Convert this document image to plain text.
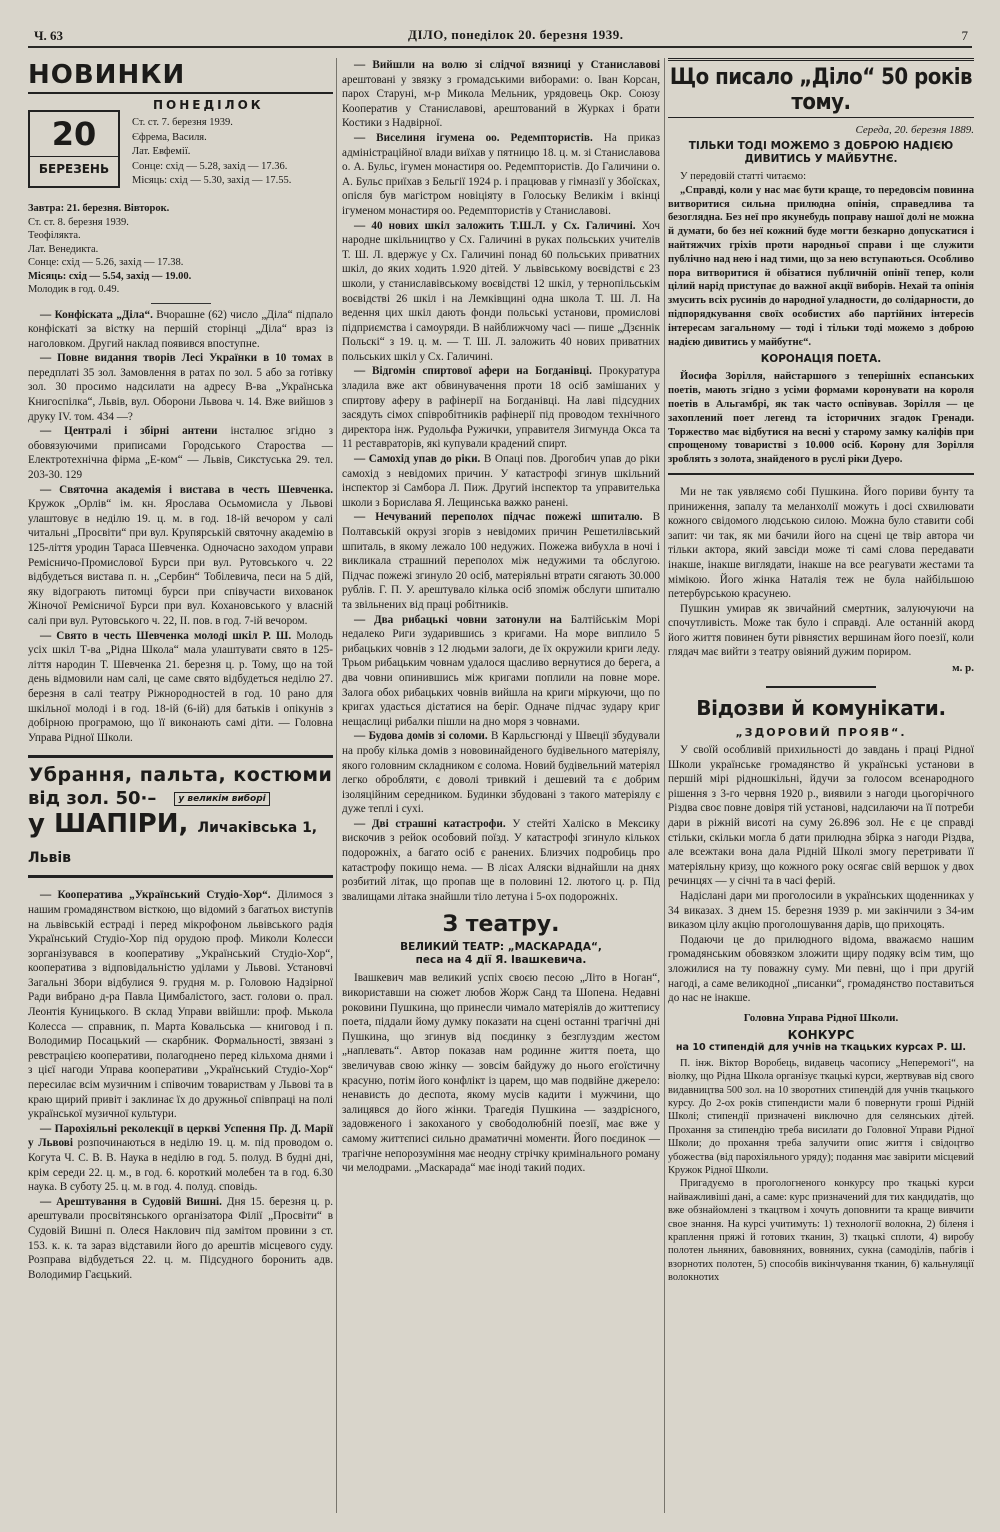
Ч. 63	ДІЛО, понеділок 20. березня 1939.	7
НОВИНКИ
ПОНЕДІЛОК
20
БЕРЕЗЕНЬ
Ст. ст. 7. березня 1939.
Єфрема, Василя.
Лат. Евфемії.
Сонце: схід — 5.28, захід — 17.36.
Місяць: схід — 5.30, захід — 17.55.
Завтра: 21. березня. Вівторок.
Ст. ст. 8. березня 1939.
Теофілякта.
Лат. Венедикта.
Сонце: схід — 5.26, захід — 17.38.
Місяць: схід — 5.54, захід — 19.00.
Молодик в год. 0.49.

— Конфіската „Діла“. Вчорашне (62) число „Діла“ підпало конфіскаті за вістку на першій сторінці „Діла“ враз із наголовком. Другий наклад появився впоступне.

— Повне видання творів Лесі Українки в 10 томах в передплаті 35 зол. Замовлення в ратах по зол. 5 або за готівку зол. 30 просимо надсилати на адресу В-ва „Українська Книгоспілка“, Львів, вул. Оборони Львова ч. 14. Вже вийшов з друку IV. том. 434 —?

— Централі і збірні антени інсталює згідно з обовязуючими приписами Городського Староства — Електротехнічна фірма „Е-ком“ — Львів, Сикстуська 29. тел. 203-30. 129

— Святочна академія і вистава в честь Шевченка. Кружок „Орлів“ ім. кн. Ярослава Осьмомисла у Львові улаштовує в неділю 19. ц. м. в год. 18-ій вечором у салі читальні „Просвіти“ при вул. Крупярській святочну академію в 125-ліття уродин Тараса Шевченка. Одночасно заходом управи Ремісничо-Промислової Бурси при вул. Рутовського ч. 22 відбудеться вистава п. н. „Сербин“ Тобілевича, песи на 5 дій, яку відограють питомці бурси при співучасти вихованок Жіночої Ремісничої Бурси при вул. Кохановського у власній салі при вул. Рутовського ч. 22, II. пов. в год. 7-ій вечором.

— Свято в честь Шевченка молоді шкіл Р. Ш. Молодь усіх шкіл Т-ва „Рідна Школа“ мала улаштувати свято в 125-ліття народин Т. Шевченка 21. березня ц. р. Тому, що на той день відмовили нам салі, це саме свято відбудеться неділю 27. березня в салі театру Ріжнородностей в год. 10 рано для шкільної молоді і в год. 18-ій (6-ій) для батьків і опікунів з добірною програмою, що її виконають самі діти. — Головна Управа Рідної Школи.

Убрання, пальта, костюми
від зол. 50·– у великім виборі
у ШАПІРИ, Личаківська 1, Львів

— Кооператива „Український Студіо-Хор“. Ділимося з нашим громадянством вісткою, що відомий з багатьох виступів на львівській естраді і перед мікрофоном львівського радія Український Студіо-Хор під орудою проф. Миколи Колесси зорганізувався в кооперативу „Український Студіо-Хор“, кооператива з відповідальністю удiлами у Львові. Установчі Загальні Збори відбулися 9. грудня м. р. Головою Надзірної Ради вибрано д-ра Павла Цимбалістого, заст. голови о. прал. Леонтія Куницького. В склад Управи ввійшли: проф. Мькола Колесса — справник, п. Марта Ковальська — книговод і п. Володимир Посацький — скарбник. Формальності, звязані з ревстрацією кооперативи, полагоднено перед кільхома днями і з цієї нагоди Управа кооперативи „Український Студіо-Хор“ пересилає всім музичним і співочим товариствам у Львові та в краю щирий привіт і заклинає їх до дружньої співпраці на полі української музичної культури.

— Парохіяльні реколекції в церкві Успення Пр. Д. Марії у Львові розпочинаються в неділю 19. ц. м. під проводом о. Когута Ч. С. В. В. Наука в неділю в год. 5. полуд. В будні дні, крім середи 22. ц. м., в год. 6. короткий молебен та в год. 6.30 наука. В суботу 25. ц. м. в год. 4. полуд. сповідь.

— Арештування в Судовій Вишні. Дня 15. березня ц. р. арештували просвітянського організатора Філії „Просвіти“ в Судовій Вишні п. Олеся Наклович під замітом провини з ст. 153. к. к. та зараз відставили його до арештів місцевого суду. Розправа відбудеться 22. ц. м. Підсудного боронить адв. Володимир Гаєцький.

— Вийшли на волю зі слідчої вязниці у Станиславові арештовані у звязку з громадськими виборами: о. Іван Корсан, парох Старуні, м-р Микола Мельник, урядовець Окр. Союзу Кооператив у Станиславові, арештований в Журках і брати Костики з Надвірної.

— Виселиня ігумена оо. Редемптористів. На приказ адміністраційної влади виїхав у пятницю 18. ц. м. зі Станиславова о. А. Бульс, ігумен монастиря оо. Редемптористів. До Галичини о. А. Бульс приїхав з Бельгії 1924 р. і працював у гімназії у Збоїсках, опісля був магістром новіціяту в Голоську Великім і вкінці ігуменом монастиря оо. Редемптористів у Станиславові.

— 40 нових шкіл заложить Т.Ш.Л. у Сх. Галичині. Хоч народне шкільництво у Сх. Галичині в руках польських учителів Т. Ш. Л. вдержує у Сх. Галичині понад 60 польських приватних шкіл, до яких ходить 1.920 дітей. У львівському воєвідстві є 23 школи, у станиславівському воєвідстві 12 шкіл, у тернопільськім воєвідстві 26 шкіл і на Лемківщині одна школа Т. Ш. Л. На ведення цих шкіл дають фонди польські установи, промислові підприємства і самоуряди. В найближчому часі — пише „Дзєннік Польскі“ з 19. ц. м. — Т. Ш. Л. заложить 40 нових приватних польських шкіл у Сх. Галичині.

— Відгомін спиртової афери на Богданівці. Прокуратура зладила вже акт обвинувачення проти 18 осіб замішаних у спиртову аферу в рафінерії на Богданівці. На лаві підсудних засядуть сімох співробітників рафінерії під проводом технічного директора інж. Рудольфа Ружички, управителя Зигмунда Окса та 11 реставраторів, які купували крадений спирт.

— Самохід упав до ріки. В Опаці пов. Дрогобич упав до ріки самохід з невідомих причин. У катастрофі згинув шкільний інспектор зі Самбора Л. Пиж. Другий інспектор та управителька школи з Борислава Я. Лещинська важко ранені.

— Нечуваний переполох підчас пожежі шпиталю. В Полтавській окрузі згорів з невідомих причин Решетилівський шпиталь, в якому лежало 100 недужих. Пожежа вибухла в ночі і викликала страшний переполох між недужими та обслугою. Підчас пожежі згинуло 20 осіб, матеріяльні втрати сягають 30.000 рублів. Г. П. У. арештувало кілька осіб зпоміж обслуги шпиталю та звільнених від праці робітників.

— Два рибацькі човни затонули на Балтійськім Морі недалеко Риги зударившись з кригами. На море виплило 5 рибацьких човнів з 12 людьми залоги, де їх окружили криги леду. Трьом рибацьким човнам удалося щасливо вернутися до берега, а два човни опинившись між кригами поплили на повне море. Залога обох рибацьких човнів вийшла на криги міркуючи, що по кригах удасться дістатися на беріг. Одначе підчас зудару криг нещаслиці рибалки пішли на дно моря з човнами.

— Будова домів зі соломи. В Карльсгюнді у Швеції збудували на пробу кілька домів з нововинайденого будівельного матеріялу, якого головним складником є солома. Новий будівельний матеріял легко обробляти, є доволі тривкий і дешевий та є добрим ізоляційним середником. Будинки збудовані з такого матеріялу є дуже теплі і сухі.

— Дві страшні катастрофи. У стейті Халіско в Мексику вискочив з рейок особовий поїзд. У катастрофі згинуло кількох подорожніх, а багато осіб є ранених. Близчих подробиць про катастрофу покищо нема. — В лісах Аляски віднайшли на днях розбитий літак, що пропав ще в половині 12. лютого ц. р. Під звалищами літака знайшли тіло летуна і 5-ох подорожніх.

З театру.
ВЕЛИКИЙ ТЕАТР: „МАСКАРАДА“,
песа на 4 дії Я. Івашкевича.

Івашкевич мав великий успіх своєю песою „Літо в Ноган“, використавши на сюжет любов Жорж Санд та Шопена. Недавні роковини Пушкина, що принесли чимало матеріялів до життепису поета, піддали йому думку показати на сцені останні трагічні дні Пушкина, що згинув від поєдинку з безглуздим жестом „наплевать“. Автор показав нам родинне життя поета, що звеличував свою жінку — зовсім байдужу до нього егоїстичну красуню, потім його конфлікт із царем, що мав подвійне джерело: ненависть до деспота, якому мусів кадити і мужчини, що залицявся до його жінки. Трагедія Пушкина — заздрісного, задовженого і закоханого у свободолюбній поезії, має вже у самому життєписі сильно драматичні моменти. Його поєдинок — трагічне непорозуміння має неодну стрічку кримінального роману чи мелодрами. „Маскарада“ має іноді такий подих.

Що писало „Діло“ 50 років тому.
Середа, 20. березня 1889.
ТІЛЬКИ ТОДІ МОЖЕМО З ДОБРОЮ НАДІЄЮ ДИВИТИСЬ У МАЙБУТНЄ.

У передовій статті читаємо:

„Справді, коли у нас має бути краще, то передовсім повинна витворитися сильна прилюдна опінія, справедлива та безоглядна. Без неї про якунебудь поправу нашої долі не можна й думати, бо без неї кожний буде могти безкарно допускатися і найтяжчих гріхів проти народньої справи і ще служити публічно над нею і над тими, що за нею вступаються. Особливо пора витворитися й обізатися публичній опінії тепер, коли цілий нарід приступає до важної акції виборів. Нехай та опінія змусить всіх русинів до народної уладности, до солідарности, до підпорядкування своїх особистих або партійних інтересів інтересам загальному — тоді і тільки тоді можемо з доброю надією дивитись у майбутнє“.

КОРОНАЦІЯ ПОЕТА.

Йосифа Зорілля, найстаршого з теперішніх еспанських поетів, мають згідно з усіми формами коронувати на короля поетів в Альгамбрі, як так часто оспівував. Зорілля — це захоплений поет легенд та історичних згадок Гренади. Торжество має відбутися на весні у старому замку каліфів при спрощеному товаристві з 10.000 осіб. Корону для Зорілля зроблять з золота, знайденого в руслі ріки Дуеро.

Ми не так уявляємо собі Пушкина. Його пориви бунту та приниження, запалу та меланхолії можуть і досі схвилювати кожного свідомого людською силою. Можна було ставити собі запит: чи так, як ми бачили його на сцені це твір автора чи тільки актора, який завсіди може ті самі слова передавати інакше, інакше виглядати, інакше на все реагувати жестами та мімікою. Його жінка Наталія теж не була найбільшою петербурською красунею.

Пушкин умирав як звичайний смертник, залуючуючи на спочутливість. Може так було і справді. Але останній акорд його життя повинен бути рівнястих вершинам його поезії, коли глядач має вийти з театру овіяний дужим пориром.

м. р.
Відозви й комунікати.
„ЗДОРОВИЙ ПРОЯВ“.

У своїй особливій прихильності до завдань і праці Рідної Школи українське громадянство й українські установи в першій мірі рідношкільні, йдучи за голосом всенародного рішення з 3-го червня 1920 р., виявили з нагоди цьогорічного Різдва своє повне довіря тій установі, надсилаючи на її потреби дари в ріжній висоті на суму 26.896 зол. Не є це справді стільки, скільки могла б дати прилюдна збірка з нагоди Різдва, але всежтаки вона дала Рідній Школі змогу перетривати її матеріяльну кризу, що кожного року осягає свій вершок у двох речинцях — у січні та в часі ферій.

Надіслані дари ми проголосили в українських щоденниках у 34 виказах. З днем 15. березня 1939 р. ми закінчили з 34-им виказом цілу акцію проголошування дарів, що прихоцять.

Подаючи це до прилюдного відома, вважаємо нашим громадянським обовязком зложити щиру подяку всім тим, що зложилися на ту поважну суму. Ми певні, що і при другій нагоді, а саме великодної „писанки“, громадянство поставиться до нас не інакше.

Головна Управа Рідної Школи.
КОНКУРС
на 10 стипендій для учнів на ткацьких курсах Р. Ш.

П. інж. Віктор Воробець, видавець часопису „Неперемогі“, на віолку, що Рідна Школа організує ткацькі курси, жертвував від свого видавництва 500 зол. на 10 зворотних стипендій для учнів ткацького курсу. До 2-ох років стипендисти мали б повернути гроші Рідній Школі; стипендії призначені виключно для селянських дітей. Прохання за стипендію треба висилати до Головної Управи Рідної Школи; до прохання треба залучити опис життя і свідоцтво убожества (від парохіяльного уряду); подання має завірити місцевий Кружок Рідної Школи.

Пригадуємо в прогологненого конкурсу про ткацькі курси найважливіші дані, а саме: курс призначений для тих кандидатів, що вже обзнайомлені з ткацтвом і хочуть доповнити та краще вивчити свое знання. На курсі учитимуть: 1) технології волокна, 2) біленя і краплення пряжі й готових тканин, 3) ткацькі сплоти, 4) виробу полотен льняних, бавовняних, вовняних, сукна (самоділів, пабгів і взорнотих полотен, 5) способів викінчування тканин, 6) кальнуляції волокнотих
